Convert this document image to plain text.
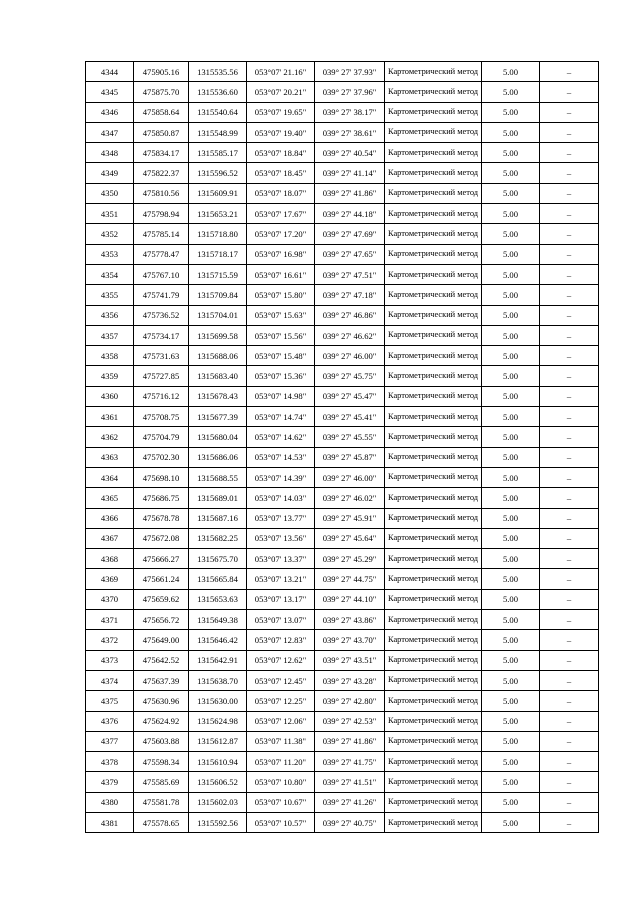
4344	475905.16	1315535.56	053°07' 21.16"	039° 27' 37.93"	Картометрический метод	5.00	–
4345	475875.70	1315536.60	053°07' 20.21"	039° 27' 37.96"	Картометрический метод	5.00	–
4346	475858.64	1315540.64	053°07' 19.65"	039° 27' 38.17"	Картометрический метод	5.00	–
4347	475850.87	1315548.99	053°07' 19.40"	039° 27' 38.61"	Картометрический метод	5.00	–
4348	475834.17	1315585.17	053°07' 18.84"	039° 27' 40.54"	Картометрический метод	5.00	–
4349	475822.37	1315596.52	053°07' 18.45"	039° 27' 41.14"	Картометрический метод	5.00	–
4350	475810.56	1315609.91	053°07' 18.07"	039° 27' 41.86"	Картометрический метод	5.00	–
4351	475798.94	1315653.21	053°07' 17.67"	039° 27' 44.18"	Картометрический метод	5.00	–
4352	475785.14	1315718.80	053°07' 17.20"	039° 27' 47.69"	Картометрический метод	5.00	–
4353	475778.47	1315718.17	053°07' 16.98"	039° 27' 47.65"	Картометрический метод	5.00	–
4354	475767.10	1315715.59	053°07' 16.61"	039° 27' 47.51"	Картометрический метод	5.00	–
4355	475741.79	1315709.84	053°07' 15.80"	039° 27' 47.18"	Картометрический метод	5.00	–
4356	475736.52	1315704.01	053°07' 15.63"	039° 27' 46.86"	Картометрический метод	5.00	–
4357	475734.17	1315699.58	053°07' 15.56"	039° 27' 46.62"	Картометрический метод	5.00	–
4358	475731.63	1315688.06	053°07' 15.48"	039° 27' 46.00"	Картометрический метод	5.00	–
4359	475727.85	1315683.40	053°07' 15.36"	039° 27' 45.75"	Картометрический метод	5.00	–
4360	475716.12	1315678.43	053°07' 14.98"	039° 27' 45.47"	Картометрический метод	5.00	–
4361	475708.75	1315677.39	053°07' 14.74"	039° 27' 45.41"	Картометрический метод	5.00	–
4362	475704.79	1315680.04	053°07' 14.62"	039° 27' 45.55"	Картометрический метод	5.00	–
4363	475702.30	1315686.06	053°07' 14.53"	039° 27' 45.87"	Картометрический метод	5.00	–
4364	475698.10	1315688.55	053°07' 14.39"	039° 27' 46.00"	Картометрический метод	5.00	–
4365	475686.75	1315689.01	053°07' 14.03"	039° 27' 46.02"	Картометрический метод	5.00	–
4366	475678.78	1315687.16	053°07' 13.77"	039° 27' 45.91"	Картометрический метод	5.00	–
4367	475672.08	1315682.25	053°07' 13.56"	039° 27' 45.64"	Картометрический метод	5.00	–
4368	475666.27	1315675.70	053°07' 13.37"	039° 27' 45.29"	Картометрический метод	5.00	–
4369	475661.24	1315665.84	053°07' 13.21"	039° 27' 44.75"	Картометрический метод	5.00	–
4370	475659.62	1315653.63	053°07' 13.17"	039° 27' 44.10"	Картометрический метод	5.00	–
4371	475656.72	1315649.38	053°07' 13.07"	039° 27' 43.86"	Картометрический метод	5.00	–
4372	475649.00	1315646.42	053°07' 12.83"	039° 27' 43.70"	Картометрический метод	5.00	–
4373	475642.52	1315642.91	053°07' 12.62"	039° 27' 43.51"	Картометрический метод	5.00	–
4374	475637.39	1315638.70	053°07' 12.45"	039° 27' 43.28"	Картометрический метод	5.00	–
4375	475630.96	1315630.00	053°07' 12.25"	039° 27' 42.80"	Картометрический метод	5.00	–
4376	475624.92	1315624.98	053°07' 12.06"	039° 27' 42.53"	Картометрический метод	5.00	–
4377	475603.88	1315612.87	053°07' 11.38"	039° 27' 41.86"	Картометрический метод	5.00	–
4378	475598.34	1315610.94	053°07' 11.20"	039° 27' 41.75"	Картометрический метод	5.00	–
4379	475585.69	1315606.52	053°07' 10.80"	039° 27' 41.51"	Картометрический метод	5.00	–
4380	475581.78	1315602.03	053°07' 10.67"	039° 27' 41.26"	Картометрический метод	5.00	–
4381	475578.65	1315592.56	053°07' 10.57"	039° 27' 40.75"	Картометрический метод	5.00	–
